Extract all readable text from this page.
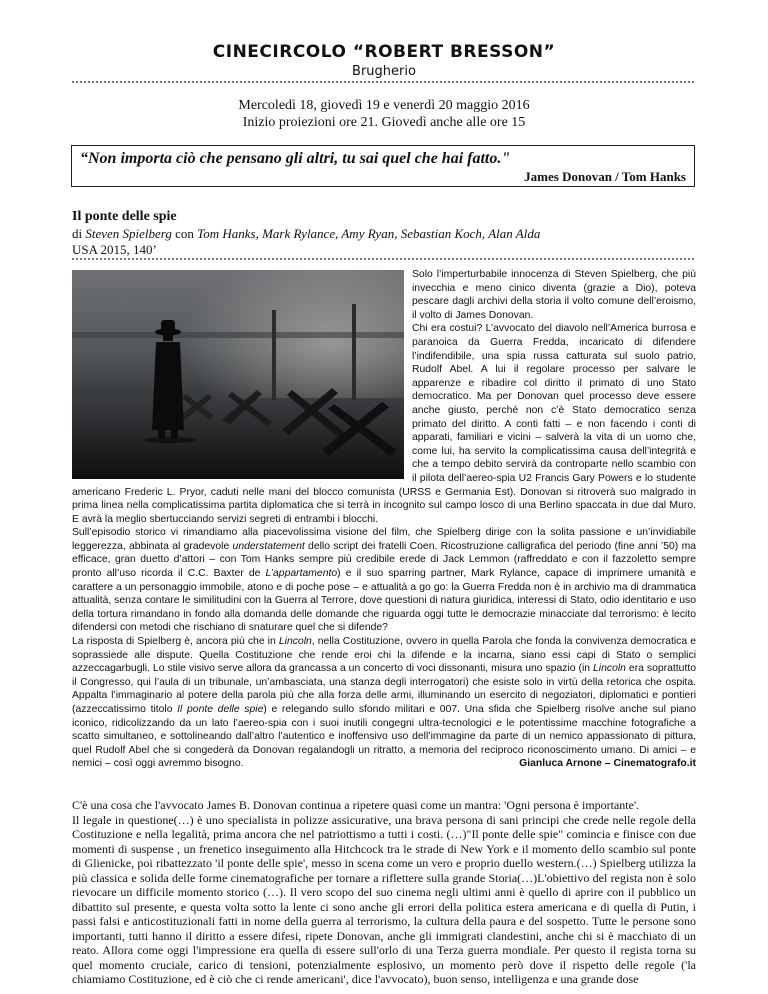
CINECIRCOLO “ROBERT BRESSON”
Brugherio
Mercoledì 18, giovedì 19 e venerdì 20 maggio 2016
Inizio proiezioni ore 21. Giovedì anche alle ore 15
“Non importa ciò che pensano gli altri, tu sai quel che hai fatto."
James Donovan / Tom Hanks
Il ponte delle spie
di Steven Spielberg con Tom Hanks, Mark Rylance, Amy Ryan, Sebastian Koch, Alan Alda
USA 2015, 140’

Solo l’imperturbabile innocenza di Steven Spielberg, che più invecchia e meno cinico diventa (grazie a Dio), poteva pescare dagli archivi della storia il volto comune dell’eroismo, il volto di James Donovan.

Chi era costui? L’avvocato del diavolo nell’America burrosa e paranoica da Guerra Fredda, incaricato di difendere l’indifendibile, una spia russa catturata sul suolo patrio, Rudolf Abel. A lui il regolare processo per salvare le apparenze e ribadire col diritto il primato di uno Stato democratico. Ma per Donovan quel processo deve essere anche giusto, perché non c’è Stato democratico senza primato del diritto. A conti fatti – e non facendo i conti di apparati, familiari e vicini – salverà la vita di un uomo che, come lui, ha servito la complicatissima causa dell’integrità e che a tempo debito servirà da controparte nello scambio con il pilota dell’aereo-spia U2 Francis Gary Powers e lo studente americano Frederic L. Pryor, caduti nelle mani del blocco comunista (URSS e Germania Est). Donovan si ritroverà suo malgrado in prima linea nella complicatissima partita diplomatica che si terrà in incognito sul campo losco di una Berlino spaccata in due dal Muro. E avrà la meglio sbertucciando servizi segreti di entrambi i blocchi.

Sull’episodio storico vi rimandiamo alla piacevolissima visione del film, che Spielberg dirige con la solita passione e un’invidiabile leggerezza, abbinata al gradevole understatement dello script dei fratelli Coen. Ricostruzione calligrafica del periodo (fine anni ’50) ma efficace, gran duetto d’attori – con Tom Hanks sempre più credibile erede di Jack Lemmon (raffreddato e con il fazzoletto sempre pronto all’uso ricorda il C.C. Baxter de L’appartamento) e il suo sparring partner, Mark Rylance, capace di imprimere umanità e carattere a un personaggio immobile, atono e di poche pose – e attualità a go go: la Guerra Fredda non è in archivio ma di drammatica attualità, senza contare le similitudini con la Guerra al Terrore, dove questioni di natura giuridica, interessi di Stato, odio identitario e uso della tortura rimandano in fondo alla domanda delle domande che riguarda oggi tutte le democrazie minacciate dal terrorismo: è lecito difendersi con metodi che rischiano di snaturare quel che si difende?

La risposta di Spielberg è, ancora più che in Lincoln, nella Costituzione, ovvero in quella Parola che fonda la convivenza democratica e soprassiede alle dispute. Quella Costituzione che rende eroi chi la difende e la incarna, siano essi capi di Stato o semplici azzeccagarbugli. Lo stile visivo serve allora da grancassa a un concerto di voci dissonanti, misura uno spazio (in Lincoln era soprattutto il Congresso, qui l’aula di un tribunale, un’ambasciata, una stanza degli interrogatori) che esiste solo in virtù della retorica che ospita. Appalta l’immaginario al potere della parola più che alla forza delle armi, illuminando un esercito di negoziatori, diplomatici e pontieri (azzeccatissimo titolo Il ponte delle spie) e relegando sullo sfondo militari e 007. Una sfida che Spielberg risolve anche sul piano iconico, ridicolizzando da un lato l’aereo-spia con i suoi inutili congegni ultra-tecnologici e le potentissime macchine fotografiche a scatto simultaneo, e sottolineando dall’altro l’autentico e inoffensivo uso dell’immagine da parte di un nemico appassionato di pittura, quel Rudolf Abel che si congederà da Donovan regalandogli un ritratto, a memoria del reciproco riconoscimento umano. Di amici – e nemici – così oggi avremmo bisogno.	Gianluca Arnone – Cinematografo.it

C'è una cosa che l'avvocato James B. Donovan continua a ripetere quasi come un mantra: 'Ogni persona è importante'.

Il legale in questione(…) è uno specialista in polizze assicurative, una brava persona di sani principi che crede nelle regole della Costituzione e nella legalità, prima ancora che nel patriottismo a tutti i costi. (…)"Il ponte delle spie" comincia e finisce con due momenti di suspense , un frenetico inseguimento alla Hitchcock tra le strade di New York e il momento dello scambio sul ponte di Glienicke, poi ribattezzato 'il ponte delle spie', messo in scena come un vero e proprio duello western.(…) Spielberg utilizza la più classica e solida delle forme cinematografiche per tornare a riflettere sulla grande Storia(…)L'obiettivo del regista non è solo rievocare un difficile momento storico (…). Il vero scopo del suo cinema negli ultimi anni è quello di aprire con il pubblico un dibattito sul presente, e questa volta sotto la lente ci sono anche gli errori della politica estera americana e di quella di Putin, i passi falsi e anticostituzionali fatti in nome della guerra al terrorismo, la cultura della paura e del sospetto. Tutte le persone sono importanti, tutti hanno il diritto a essere difesi, ripete Donovan, anche gli immigrati clandestini, anche chi si è macchiato di un reato. Allora come oggi l'impressione era quella di essere sull'orlo di una Terza guerra mondiale. Per questo il regista torna su quel momento cruciale, carico di tensioni, potenzialmente esplosivo, un momento però dove il rispetto delle regole ('la chiamiamo Costituzione, ed è ciò che ci rende americani', dice l'avvocato), buon senso, intelligenza e una grande dose
